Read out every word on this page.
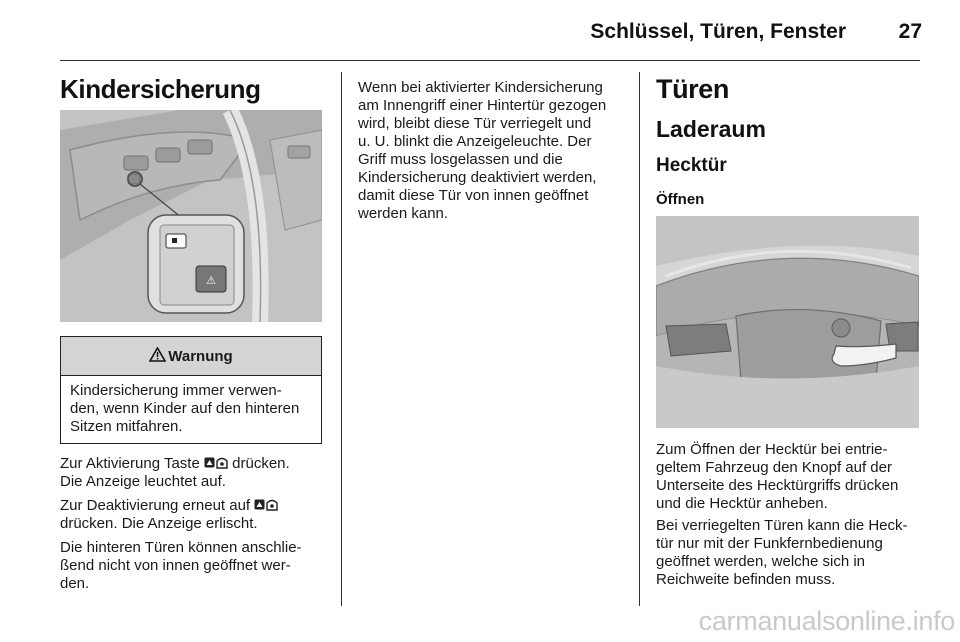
Schlüssel, Türen, Fenster	27
Kindersicherung
⚠
Warnung
Kindersicherung immer verwen-
den, wenn Kinder auf den hinteren
Sitzen mitfahren.
Zur Aktivierung Taste drücken.
Die Anzeige leuchtet auf.
Zur Deaktivierung erneut auf
drücken. Die Anzeige erlischt.
Die hinteren Türen können anschlie-
ßend nicht von innen geöffnet wer-
den.
Wenn bei aktivierter Kindersicherung
am Innengriff einer Hintertür gezogen
wird, bleibt diese Tür verriegelt und
u. U. blinkt die Anzeigeleuchte. Der
Griff muss losgelassen und die
Kindersicherung deaktiviert werden,
damit diese Tür von innen geöffnet
werden kann.
Türen
Laderaum
Hecktür
Öffnen
Zum Öffnen der Hecktür bei entrie-
geltem Fahrzeug den Knopf auf der
Unterseite des Hecktürgriffs drücken
und die Hecktür anheben.
Bei verriegelten Türen kann die Heck-
tür nur mit der Funkfernbedienung
geöffnet werden, welche sich in
Reichweite befinden muss.
carmanualsonline.info
